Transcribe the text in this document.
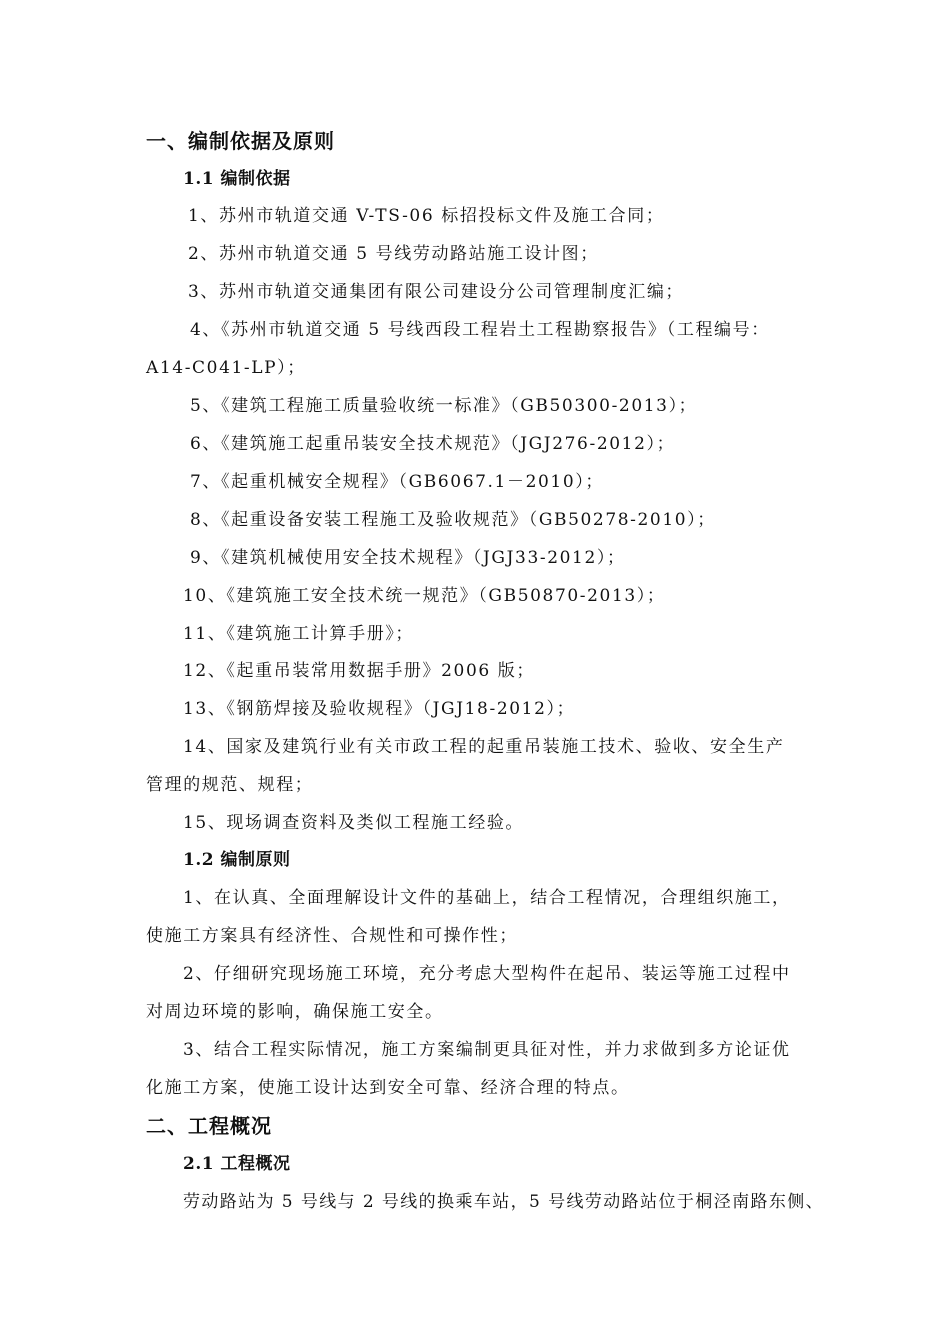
一、编制依据及原则
1.1 编制依据
1、苏州市轨道交通 V-TS-06 标招投标文件及施工合同；
2、苏州市轨道交通 5 号线劳动路站施工设计图；
3、苏州市轨道交通集团有限公司建设分公司管理制度汇编；
4、《苏州市轨道交通 5 号线西段工程岩土工程勘察报告》（工程编号：
A14-C041-LP）；
5、《建筑工程施工质量验收统一标准》（GB50300-2013）；
6、《建筑施工起重吊装安全技术规范》（JGJ276-2012）；
7、《起重机械安全规程》（GB6067.1－2010）；
8、《起重设备安装工程施工及验收规范》（GB50278-2010）；
9、《建筑机械使用安全技术规程》（JGJ33-2012）；
10、《建筑施工安全技术统一规范》（GB50870-2013）；
11、《建筑施工计算手册》；
12、《起重吊装常用数据手册》2006 版；
13、《钢筋焊接及验收规程》（JGJ18-2012）；
14、国家及建筑行业有关市政工程的起重吊装施工技术、验收、安全生产
管理的规范、规程；
15、现场调查资料及类似工程施工经验。
1.2 编制原则
1、在认真、全面理解设计文件的基础上，结合工程情况，合理组织施工，
使施工方案具有经济性、合规性和可操作性；
2、仔细研究现场施工环境，充分考虑大型构件在起吊、装运等施工过程中
对周边环境的影响，确保施工安全。
3、结合工程实际情况，施工方案编制更具征对性，并力求做到多方论证优
化施工方案，使施工设计达到安全可靠、经济合理的特点。
二、工程概况
2.1 工程概况
劳动路站为 5 号线与 2 号线的换乘车站，5 号线劳动路站位于桐泾南路东侧、
